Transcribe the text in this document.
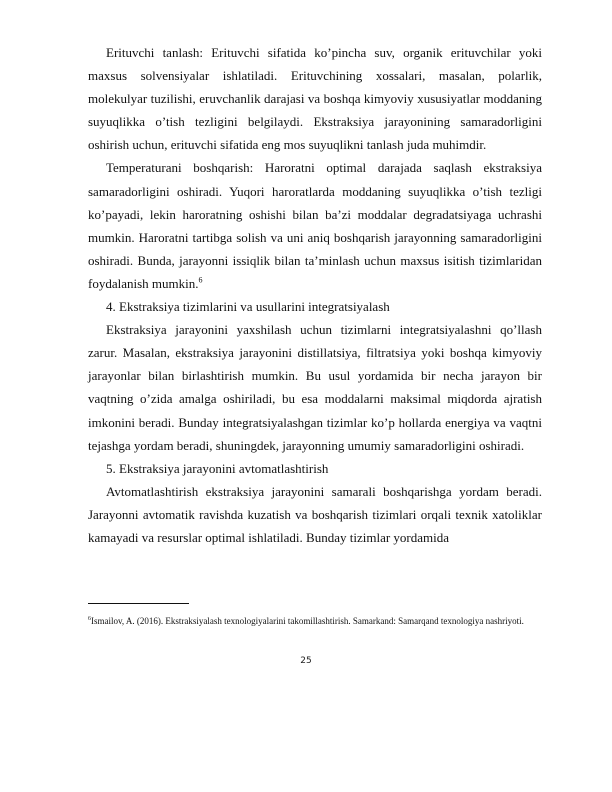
Erituvchi tanlash: Erituvchi sifatida ko’pincha suv, organik erituvchilar yoki maxsus solvensiyalar ishlatiladi. Erituvchining xossalari, masalan, polarlik, molekulyar tuzilishi, eruvchanlik darajasi va boshqa kimyoviy xususiyatlar moddaning suyuqlikka o’tish tezligini belgilaydi. Ekstraksiya jarayonining samaradorligini oshirish uchun, erituvchi sifatida eng mos suyuqlikni tanlash juda muhimdir.

Temperaturani boshqarish: Haroratni optimal darajada saqlash ekstraksiya samaradorligini oshiradi. Yuqori haroratlarda moddaning suyuqlikka o’tish tezligi ko’payadi, lekin haroratning oshishi bilan ba’zi moddalar degradatsiyaga uchrashi mumkin. Haroratni tartibga solish va uni aniq boshqarish jarayonning samaradorligini oshiradi. Bunda, jarayonni issiqlik bilan ta’minlash uchun maxsus isitish tizimlaridan foydalanish mumkin.$^6$

4. Ekstraksiya tizimlarini va usullarini integratsiyalash

Ekstraksiya jarayonini yaxshilash uchun tizimlarni integratsiyalashni qo’llash zarur. Masalan, ekstraksiya jarayonini distillatsiya, filtratsiya yoki boshqa kimyoviy jarayonlar bilan birlashtirish mumkin. Bu usul yordamida bir necha jarayon bir vaqtning o’zida amalga oshiriladi, bu esa moddalarni maksimal miqdorda ajratish imkonini beradi. Bunday integratsiyalashgan tizimlar ko’p hollarda energiya va vaqtni tejashga yordam beradi, shuningdek, jarayonning umumiy samaradorligini oshiradi.

5. Ekstraksiya jarayonini avtomatlashtirish

Avtomatlashtirish ekstraksiya jarayonini samarali boshqarishga yordam beradi. Jarayonni avtomatik ravishda kuzatish va boshqarish tizimlari orqali texnik xatoliklar kamayadi va resurslar optimal ishlatiladi. Bunday tizimlar yordamida

$^6$Ismailov, A. (2016). Ekstraksiyalash texnologiyalarini takomillashtirish. Samarkand: Samarqand texnologiya nashriyoti.

25
